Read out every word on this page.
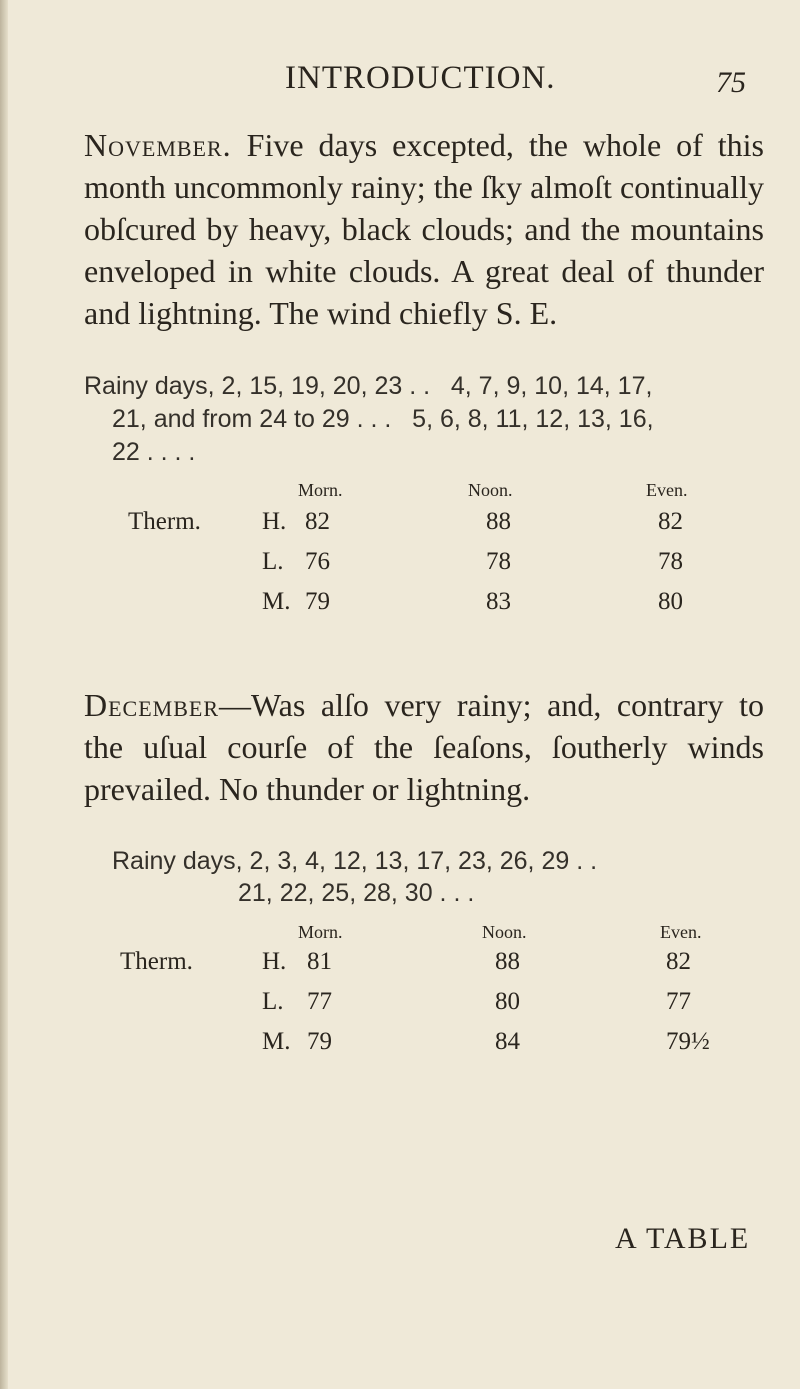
INTRODUCTION.	75

November. Five days excepted, the whole of this month uncommonly rainy; the ſky almoſt continually obſcured by heavy, black clouds; and the mountains enveloped in white clouds. A great deal of thunder and lightning. The wind chiefly S. E.

Rainy days, 2, 15, 19, 20, 23 . .   4, 7, 9, 10, 14, 17,

21, and from 24 to 29 . . .   5, 6, 8, 11, 12, 13, 16,

22 . . . .

Morn.	Noon.	Even.
Therm. H. 82	88	82
L. 76	78	78
M. 79	83	80

December—Was alſo very rainy; and, contrary to the uſual courſe of the ſeaſons, ſoutherly winds prevailed. No thunder or lightning.

Rainy days, 2, 3, 4, 12, 13, 17, 23, 26, 29 . .

21, 22, 25, 28, 30 . . .

Morn.	Noon.	Even.
Therm.	H. 81	88	82
L. 77	80	77
M. 79	84	79½
A TABLE
